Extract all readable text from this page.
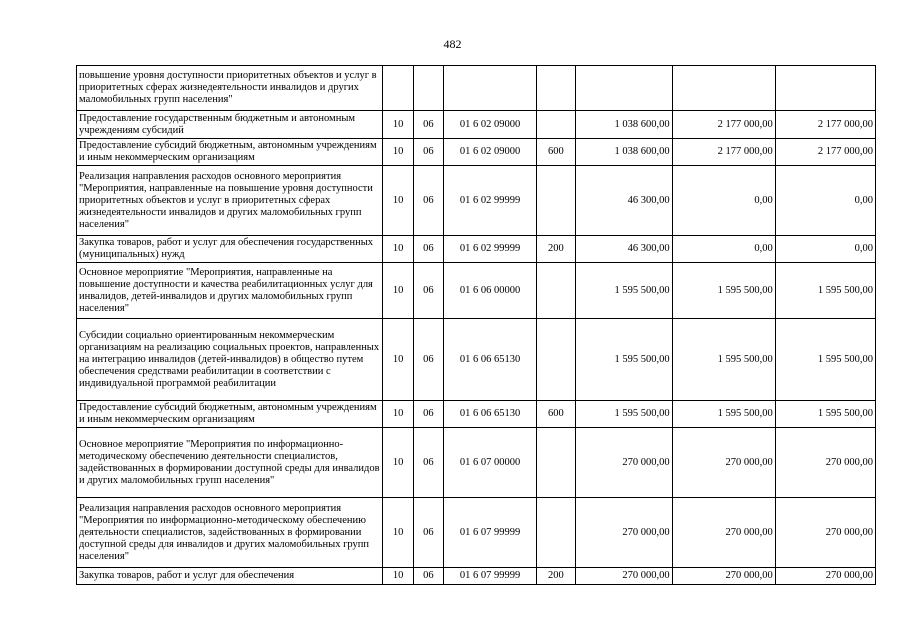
482
повышение уровня доступности приоритетных объектов и услуг в приоритетных сферах жизнедеятельности инвалидов и других маломобильных групп населения"							
Предоставление государственным бюджетным и автономным учреждениям субсидий	10	06	01 6 02 09000		1 038 600,00	2 177 000,00	2 177 000,00
Предоставление субсидий бюджетным, автономным учреждениям и иным некоммерческим организациям	10	06	01 6 02 09000	600	1 038 600,00	2 177 000,00	2 177 000,00
Реализация направления расходов основного мероприятия "Мероприятия, направленные на повышение уровня доступности приоритетных объектов и услуг в приоритетных сферах жизнедеятельности инвалидов и других маломобильных групп населения"	10	06	01 6 02 99999		46 300,00	0,00	0,00
Закупка товаров, работ и услуг для обеспечения государственных (муниципальных) нужд	10	06	01 6 02 99999	200	46 300,00	0,00	0,00
Основное мероприятие "Мероприятия, направленные на повышение доступности и качества реабилитационных услуг для инвалидов, детей-инвалидов и других маломобильных групп населения"	10	06	01 6 06 00000		1 595 500,00	1 595 500,00	1 595 500,00
Субсидии социально ориентированным некоммерческим организациям на реализацию социальных проектов, направленных на интеграцию инвалидов (детей-инвалидов) в общество путем обеспечения средствами реабилитации в соответствии с индивидуальной программой реабилитации	10	06	01 6 06 65130		1 595 500,00	1 595 500,00	1 595 500,00
Предоставление субсидий бюджетным, автономным учреждениям и иным некоммерческим организациям	10	06	01 6 06 65130	600	1 595 500,00	1 595 500,00	1 595 500,00
Основное мероприятие "Мероприятия по информационно-методическому обеспечению деятельности специалистов, задействованных в формировании доступной среды для инвалидов и других маломобильных групп населения"	10	06	01 6 07 00000		270 000,00	270 000,00	270 000,00
Реализация направления расходов основного мероприятия "Мероприятия по информационно-методическому обеспечению деятельности специалистов, задействованных в формировании доступной среды для инвалидов и других маломобильных групп населения"	10	06	01 6 07 99999		270 000,00	270 000,00	270 000,00
Закупка товаров, работ и услуг для обеспечения	10	06	01 6 07 99999	200	270 000,00	270 000,00	270 000,00
